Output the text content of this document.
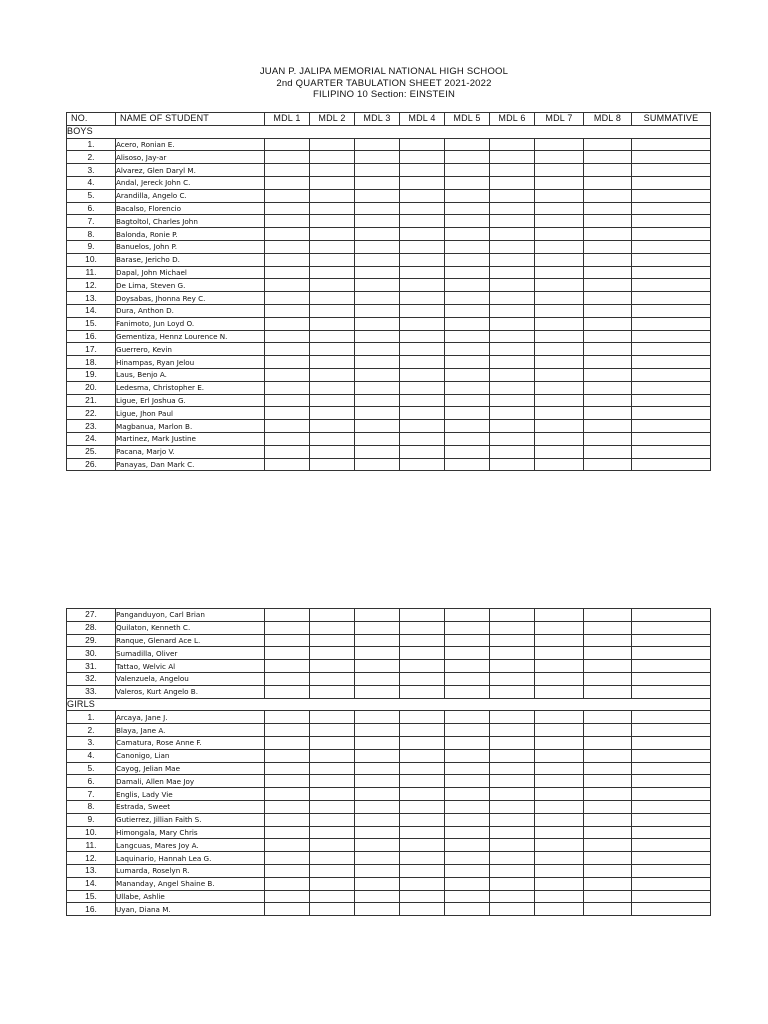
JUAN P. JALIPA MEMORIAL NATIONAL HIGH SCHOOL
2nd QUARTER TABULATION SHEET 2021-2022
FILIPINO 10 Section: EINSTEIN
NO.	NAME OF STUDENT	MDL 1	MDL 2	MDL 3	MDL 4	MDL 5	MDL 6	MDL 7	MDL 8	SUMMATIVE
BOYS										
1.	Acero, Ronian E.									
2.	Alisoso, Jay-ar									
3.	Alvarez, Glen Daryl M.									
4.	Andal, Jereck John C.									
5.	Arandilla, Angelo C.									
6.	Bacalso, Florencio									
7.	Bagtoltol, Charles John									
8.	Balonda, Ronie P.									
9.	Banuelos, John P.									
10.	Barase, Jericho D.									
11.	Dapal, John Michael									
12.	De Lima, Steven G.									
13.	Doysabas, Jhonna Rey C.									
14.	Dura, Anthon D.									
15.	Fanimoto, Jun Loyd O.									
16.	Gementiza, Hennz Lourence N.									
17.	Guerrero, Kevin									
18.	Hinampas, Ryan Jelou									
19.	Laus, Benjo A.									
20.	Ledesma, Christopher E.									
21.	Ligue, Erl Joshua G.									
22.	Ligue, Jhon Paul									
23.	Magbanua, Marlon B.									
24.	Martinez, Mark Justine									
25.	Pacana, Marjo V.									
26.	Panayas, Dan Mark C.									
27.	Panganduyon, Carl Brian									
28.	Quilaton, Kenneth C.									
29.	Ranque, Glenard Ace L.									
30.	Sumadilla, Oliver									
31.	Tattao, Welvic Al									
32.	Valenzuela, Angelou									
33.	Valeros, Kurt Angelo B.									
GIRLS										
1.	Arcaya, Jane J.									
2.	Blaya, Jane A.									
3.	Camatura, Rose Anne F.									
4.	Canonigo, Lian									
5.	Cayog, Jelian Mae									
6.	Damali, Allen Mae Joy									
7.	Englis, Lady Vie									
8.	Estrada, Sweet									
9.	Gutierrez, Jillian Faith S.									
10.	Himongala, Mary Chris									
11.	Langcuas, Mares Joy A.									
12.	Laquinario, Hannah Lea G.									
13.	Lumarda, Roselyn R.									
14.	Mananday, Angel Shaine B.									
15.	Ullabe, Ashlie									
16.	Uyan, Diana M.									
